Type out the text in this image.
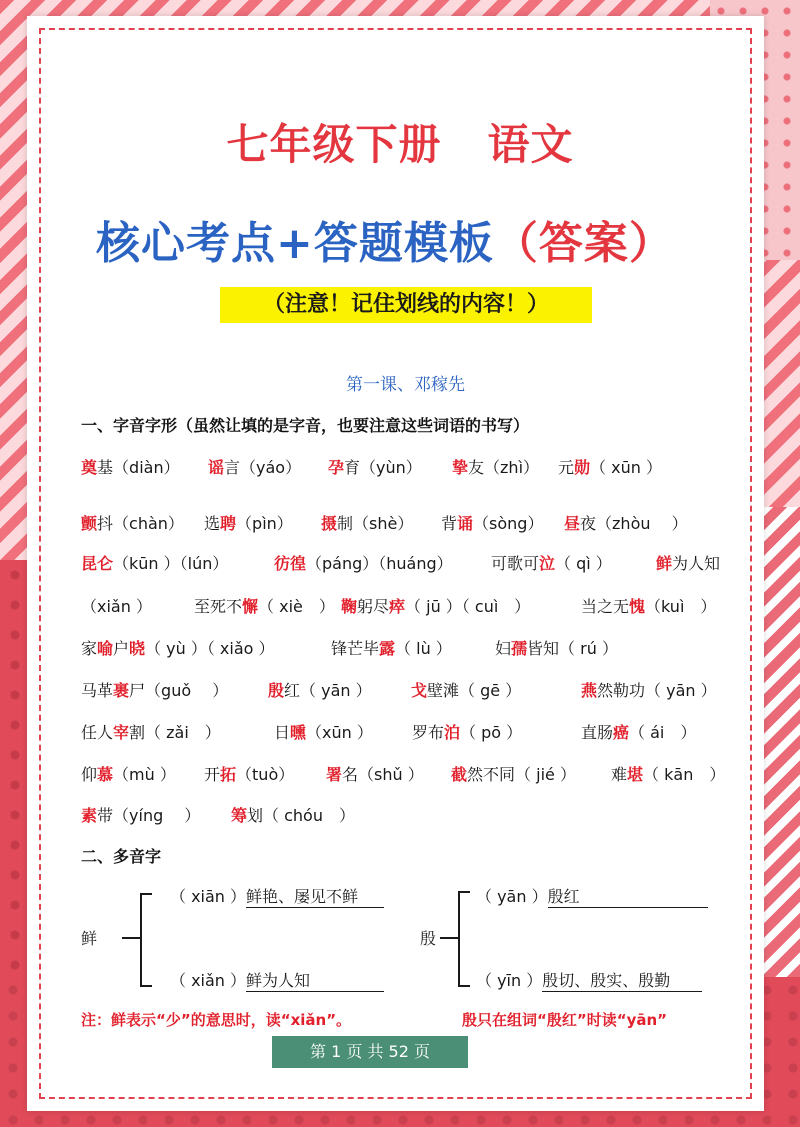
七年级下册 语文
核心考点+答题模板（答案）
（注意！记住划线的内容！）
第一课、邓稼先
一、字音字形（虽然让填的是字音，也要注意这些词语的书写）
奠基（diàn） 谣言（yáo） 孕育（yùn） 挚友（zhì） 元勋（ xūn ）
颤抖（chàn） 选聘（pìn） 摄制（shè） 背诵（sòng） 昼夜（zhòu　 ）
昆仑（kūn ）（lún）	彷徨（páng）（huáng） 可歌可泣（ qì ）	鲜为人知
（xiǎn ）	至死不懈（ xiè　） 鞠躬尽瘁（ jū ）（ cuì　）	当之无愧（kuì　）
家喻户晓（ yù ）（ xiǎo ）	锋芒毕露（ lù ）	妇孺皆知（ rú ）
马革裹尸（guǒ　 ） 殷红（ yān ） 戈壁滩（ gē ）	燕然勒功（ yān ）
任人宰割（ zǎi　）	日曛（xūn ） 罗布泊（ pō ）	直肠癌（ ái　）
仰慕（mù ） 开拓（tuò） 署名（shǔ ） 截然不同（ jié ） 难堪（ kān　）
素带（yíng　 ） 筹划（ chóu　）
二、多音字
鲜
（ xiān ）鲜艳、屡见不鲜
（ xiǎn ）鲜为人知
殷
（ yān ）殷红
（ yīn ）殷切、殷实、殷勤
注：鲜表示“少”的意思时，读“xiǎn”。	殷只在组词“殷红”时读“yān”
第 1 页 共 52 页
